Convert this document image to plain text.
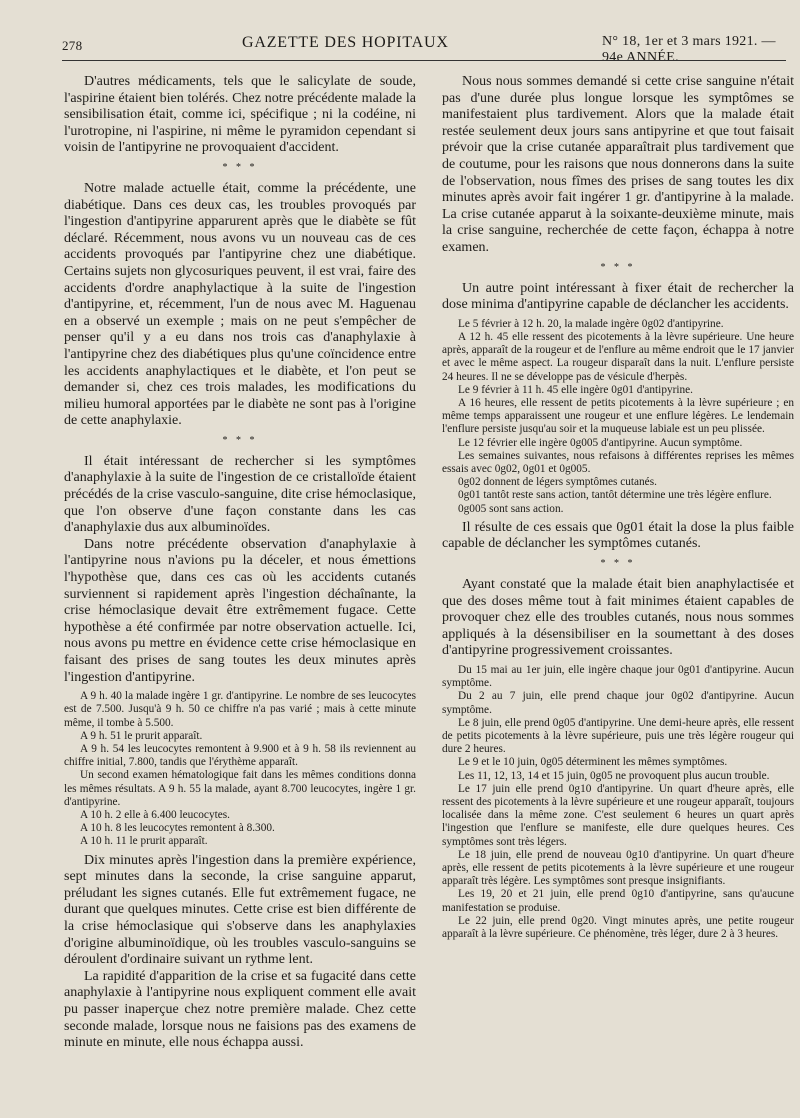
278	GAZETTE DES HOPITAUX	N° 18, 1er et 3 mars 1921. — 94e ANNÉE.

D'autres médicaments, tels que le salicylate de soude, l'aspirine étaient bien tolérés. Chez notre précédente malade la sensibilisation était, comme ici, spécifique ; ni la codéine, ni l'urotropine, ni l'aspirine, ni même le pyramidon cependant si voisin de l'antipyrine ne provoquaient d'accident.

* * *

Notre malade actuelle était, comme la précédente, une diabétique. Dans ces deux cas, les troubles provoqués par l'ingestion d'antipyrine apparurent après que le diabète se fût déclaré. Récemment, nous avons vu un nouveau cas de ces accidents provoqués par l'antipyrine chez une diabétique. Certains sujets non glycosuriques peuvent, il est vrai, faire des accidents d'ordre anaphylactique à la suite de l'ingestion d'antipyrine, et, récemment, l'un de nous avec M. Haguenau en a observé un exemple ; mais on ne peut s'empêcher de penser qu'il y a eu dans nos trois cas d'anaphylaxie à l'antipyrine chez des diabétiques plus qu'une coïncidence entre les accidents anaphylactiques et le diabète, et l'on peut se demander si, chez ces trois malades, les modifications du milieu humoral apportées par le diabète ne sont pas à l'origine de cette anaphylaxie.

* * *

Il était intéressant de rechercher si les symptômes d'anaphylaxie à la suite de l'ingestion de ce cristalloïde étaient précédés de la crise vasculo-sanguine, dite crise hémoclasique, que l'on observe d'une façon constante dans les cas d'anaphylaxie dus aux albuminoïdes.

Dans notre précédente observation d'anaphylaxie à l'antipyrine nous n'avions pu la déceler, et nous émettions l'hypothèse que, dans ces cas où les accidents cutanés surviennent si rapidement après l'ingestion déchaînante, la crise hémoclasique devait être extrêmement fugace. Cette hypothèse a été confirmée par notre observation actuelle. Ici, nous avons pu mettre en évidence cette crise hémoclasique en faisant des prises de sang toutes les deux minutes après l'ingestion d'antipyrine.

A 9 h. 40 la malade ingère 1 gr. d'antipyrine. Le nombre de ses leucocytes est de 7.500. Jusqu'à 9 h. 50 ce chiffre n'a pas varié ; mais à cette minute même, il tombe à 5.500.

A 9 h. 51 le prurit apparaît.

A 9 h. 54 les leucocytes remontent à 9.900 et à 9 h. 58 ils reviennent au chiffre initial, 7.800, tandis que l'érythème apparaît.

Un second examen hématologique fait dans les mêmes conditions donna les mêmes résultats. A 9 h. 55 la malade, ayant 8.700 leucocytes, ingère 1 gr. d'antipyrine.

A 10 h. 2 elle à 6.400 leucocytes.

A 10 h. 8 les leucocytes remontent à 8.300.

A 10 h. 11 le prurit apparaît.

Dix minutes après l'ingestion dans la première expérience, sept minutes dans la seconde, la crise sanguine apparut, préludant les signes cutanés. Elle fut extrêmement fugace, ne durant que quelques minutes. Cette crise est bien différente de la crise hémoclasique qui s'observe dans les anaphylaxies d'origine albuminoïdique, où les troubles vasculo-sanguins se déroulent d'ordinaire suivant un rythme lent.

La rapidité d'apparition de la crise et sa fugacité dans cette anaphylaxie à l'antipyrine nous expliquent comment elle avait pu passer inaperçue chez notre première malade. Chez cette seconde malade, lorsque nous ne faisions pas des examens de minute en minute, elle nous échappa aussi.

Nous nous sommes demandé si cette crise sanguine n'était pas d'une durée plus longue lorsque les symptômes se manifestaient plus tardivement. Alors que la malade était restée seulement deux jours sans antipyrine et que tout faisait prévoir que la crise cutanée apparaîtrait plus tardivement que de coutume, pour les raisons que nous donnerons dans la suite de l'observation, nous fîmes des prises de sang toutes les dix minutes après avoir fait ingérer 1 gr. d'antipyrine à la malade. La crise cutanée apparut à la soixante-deuxième minute, mais la crise sanguine, recherchée de cette façon, échappa à notre examen.

* * *

Un autre point intéressant à fixer était de rechercher la dose minima d'antipyrine capable de déclancher les accidents.

Le 5 février à 12 h. 20, la malade ingère 0g02 d'antipyrine.

A 12 h. 45 elle ressent des picotements à la lèvre supérieure. Une heure après, apparaît de la rougeur et de l'enflure au même endroit que le 17 janvier et avec le même aspect. La rougeur disparaît dans la nuit. L'enflure persiste 24 heures. Il ne se développe pas de vésicule d'herpès.

Le 9 février à 11 h. 45 elle ingère 0g01 d'antipyrine.

A 16 heures, elle ressent de petits picotements à la lèvre supérieure ; en même temps apparaissent une rougeur et une enflure légères. Le lendemain l'enflure persiste jusqu'au soir et la muqueuse labiale est un peu plissée.

Le 12 février elle ingère 0g005 d'antipyrine. Aucun symptôme.

Les semaines suivantes, nous refaisons à différentes reprises les mêmes essais avec 0g02, 0g01 et 0g005.

0g02 donnent de légers symptômes cutanés.

0g01 tantôt reste sans action, tantôt détermine une très légère enflure.

0g005 sont sans action.

Il résulte de ces essais que 0g01 était la dose la plus faible capable de déclancher les symptômes cutanés.

* * *

Ayant constaté que la malade était bien anaphylactisée et que des doses même tout à fait minimes étaient capables de provoquer chez elle des troubles cutanés, nous nous sommes appliqués à la désensibiliser en la soumettant à des doses d'antipyrine progressivement croissantes.

Du 15 mai au 1er juin, elle ingère chaque jour 0g01 d'antipyrine. Aucun symptôme.

Du 2 au 7 juin, elle prend chaque jour 0g02 d'antipyrine. Aucun symptôme.

Le 8 juin, elle prend 0g05 d'antipyrine. Une demi-heure après, elle ressent de petits picotements à la lèvre supérieure, puis une très légère rougeur qui dure 2 heures.

Le 9 et le 10 juin, 0g05 déterminent les mêmes symptômes.

Les 11, 12, 13, 14 et 15 juin, 0g05 ne provoquent plus aucun trouble.

Le 17 juin elle prend 0g10 d'antipyrine. Un quart d'heure après, elle ressent des picotements à la lèvre supérieure et une rougeur apparaît, toujours localisée dans la même zone. C'est seulement 6 heures un quart après l'ingestion que l'enflure se manifeste, elle dure quelques heures. Ces symptômes sont très légers.

Le 18 juin, elle prend de nouveau 0g10 d'antipyrine. Un quart d'heure après, elle ressent de petits picotements à la lèvre supérieure et une rougeur apparaît très légère. Les symptômes sont presque insignifiants.

Les 19, 20 et 21 juin, elle prend 0g10 d'antipyrine, sans qu'aucune manifestation se produise.

Le 22 juin, elle prend 0g20. Vingt minutes après, une petite rougeur apparaît à la lèvre supérieure. Ce phénomène, très léger, dure 2 à 3 heures.
